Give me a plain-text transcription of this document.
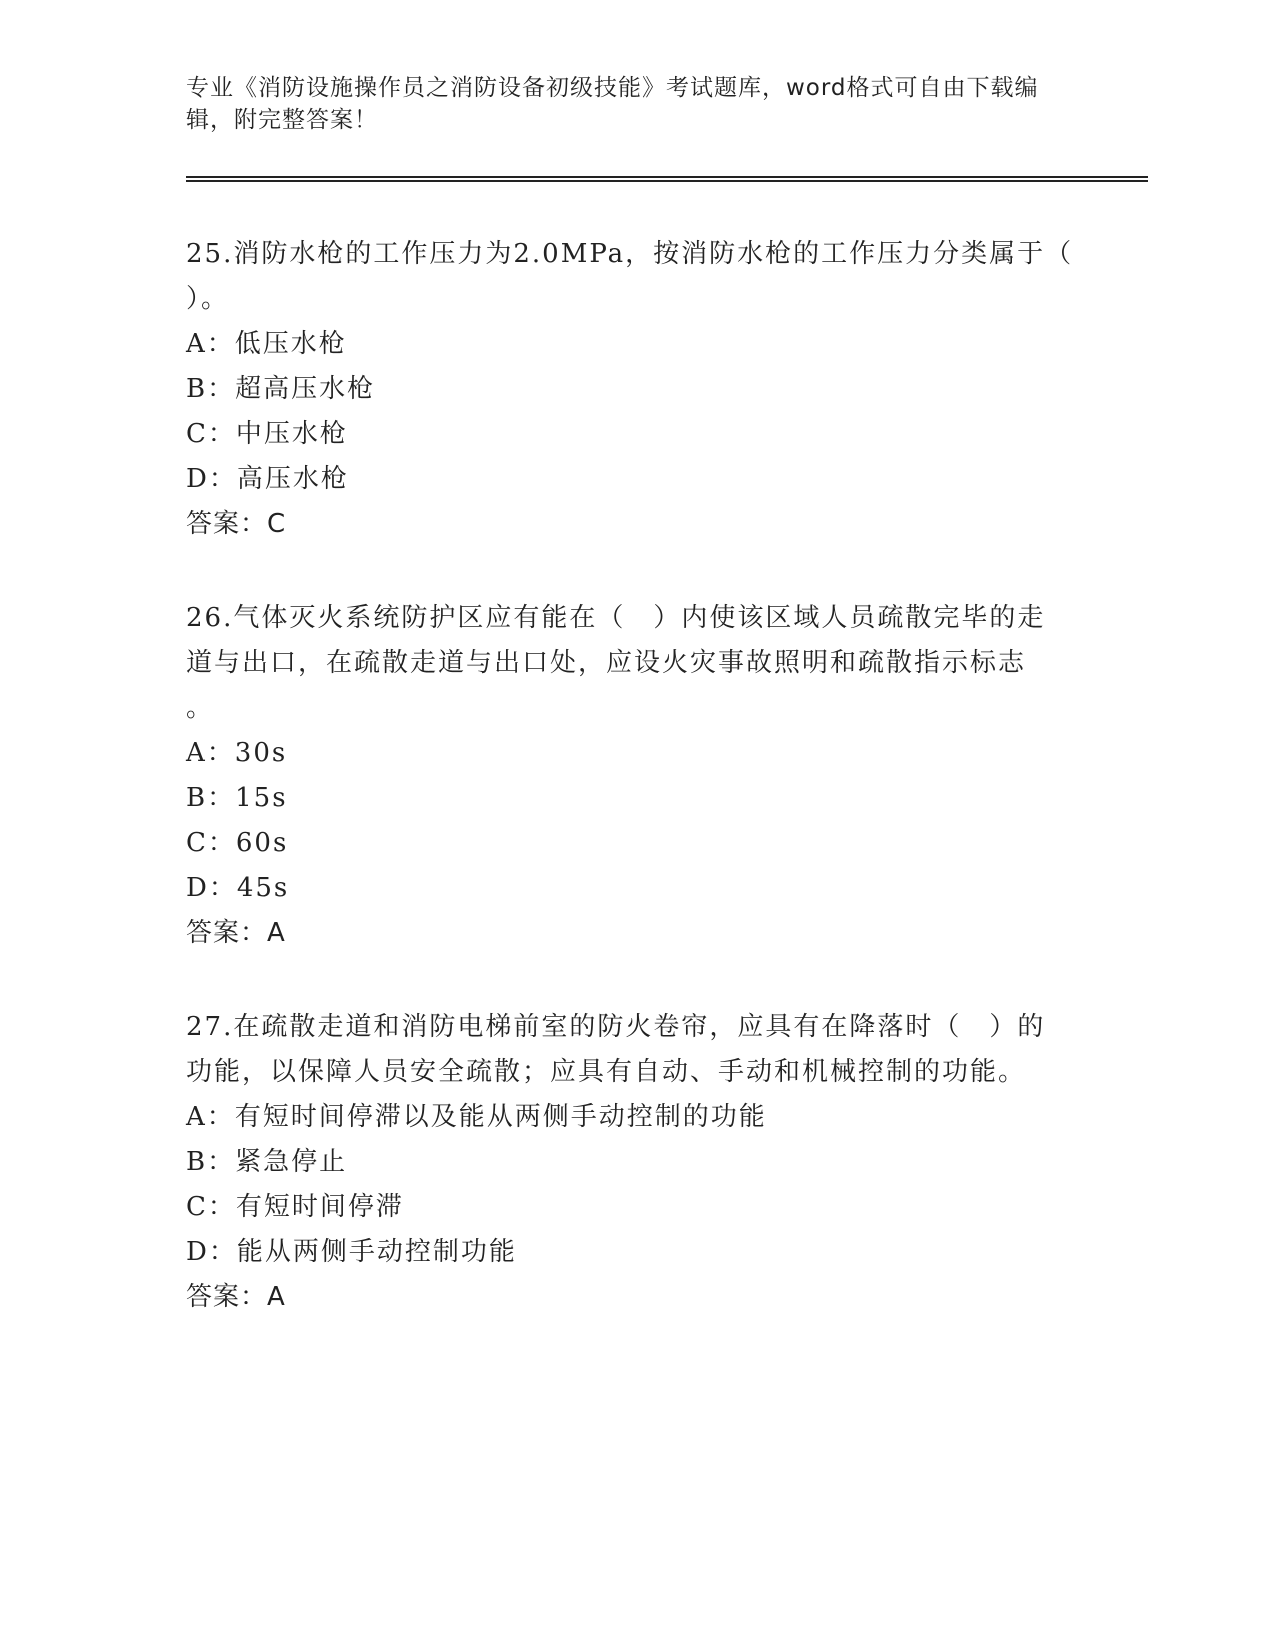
专业《消防设施操作员之消防设备初级技能》考试题库，word格式可自由下载编辑，附完整答案！
25.消防水枪的工作压力为2.0MPa，按消防水枪的工作压力分类属于（
）。
A：低压水枪
B：超高压水枪
C：中压水枪
D：高压水枪
答案：C
26.气体灭火系统防护区应有能在（　）内使该区域人员疏散完毕的走
道与出口，在疏散走道与出口处，应设火灾事故照明和疏散指示标志
。
A：30s
B：15s
C：60s
D：45s
答案：A
27.在疏散走道和消防电梯前室的防火卷帘，应具有在降落时（　）的
功能，以保障人员安全疏散；应具有自动、手动和机械控制的功能。
A：有短时间停滞以及能从两侧手动控制的功能
B：紧急停止
C：有短时间停滞
D：能从两侧手动控制功能
答案：A
